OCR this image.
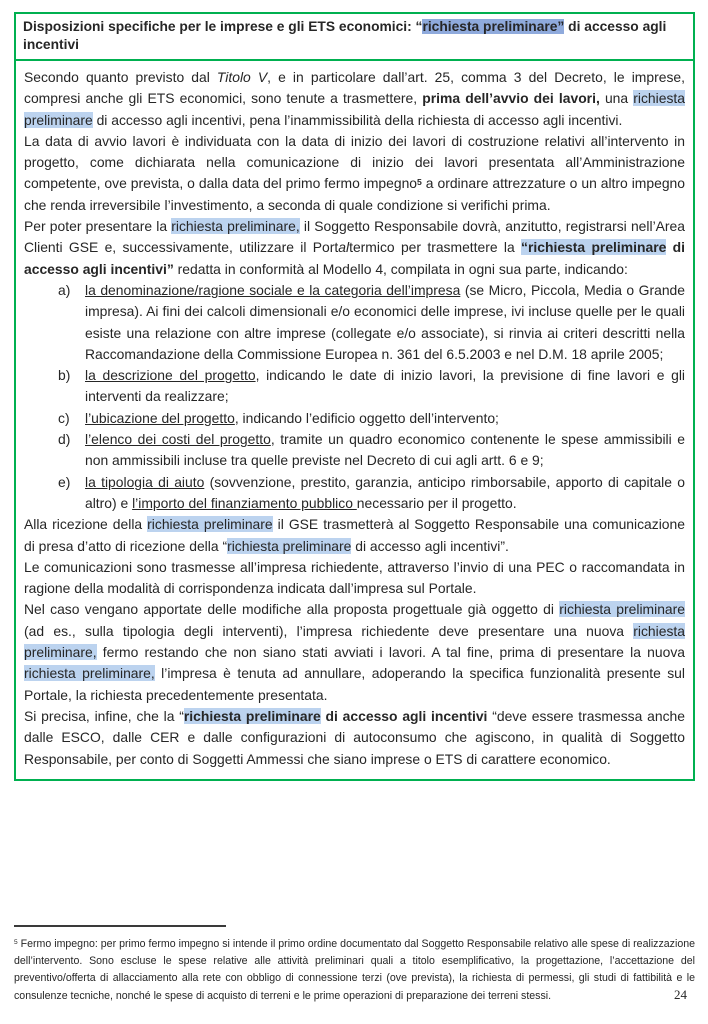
Disposizioni specifiche per le imprese e gli ETS economici: “richiesta preliminare” di accesso agli incentivi

Secondo quanto previsto dal Titolo V, e in particolare dall’art. 25, comma 3 del Decreto, le imprese, compresi anche gli ETS economici, sono tenute a trasmettere, prima dell’avvio dei lavori, una richiesta preliminare di accesso agli incentivi, pena l’inammissibilità della richiesta di accesso agli incentivi.

La data di avvio lavori è individuata con la data di inizio dei lavori di costruzione relativi all’intervento in progetto, come dichiarata nella comunicazione di inizio dei lavori presentata all’Amministrazione competente, ove prevista, o dalla data del primo fermo impegno$^5$ a ordinare attrezzature o un altro impegno che renda irreversibile l’investimento, a seconda di quale condizione si verifichi prima.

Per poter presentare la richiesta preliminare, il Soggetto Responsabile dovrà, anzitutto, registrarsi nell’Area Clienti GSE e, successivamente, utilizzare il Portaltermico per trasmettere la “richiesta preliminare di accesso agli incentivi” redatta in conformità al Modello 4, compilata in ogni sua parte, indicando:

a)	la denominazione/ragione sociale e la categoria dell’impresa (se Micro, Piccola, Media o Grande impresa). Ai fini dei calcoli dimensionali e/o economici delle imprese, ivi incluse quelle per le quali esiste una relazione con altre imprese (collegate e/o associate), si rinvia ai criteri descritti nella Raccomandazione della Commissione Europea n. 361 del 6.5.2003 e nel D.M. 18 aprile 2005;
b)	la descrizione del progetto, indicando le date di inizio lavori, la previsione di fine lavori e gli interventi da realizzare;
c)	l’ubicazione del progetto, indicando l’edificio oggetto dell’intervento;
d)	l’elenco dei costi del progetto, tramite un quadro economico contenente le spese ammissibili e non ammissibili incluse tra quelle previste nel Decreto di cui agli artt. 6 e 9;
e)	la tipologia di aiuto (sovvenzione, prestito, garanzia, anticipo rimborsabile, apporto di capitale o altro) e l’importo del finanziamento pubblico necessario per il progetto.

Alla ricezione della richiesta preliminare il GSE trasmetterà al Soggetto Responsabile una comunicazione di presa d’atto di ricezione della “richiesta preliminare di accesso agli incentivi”.

Le comunicazioni sono trasmesse all’impresa richiedente, attraverso l’invio di una PEC o raccomandata in ragione della modalità di corrispondenza indicata dall’impresa sul Portale.

Nel caso vengano apportate delle modifiche alla proposta progettuale già oggetto di richiesta preliminare (ad es., sulla tipologia degli interventi), l’impresa richiedente deve presentare una nuova richiesta preliminare, fermo restando che non siano stati avviati i lavori. A tal fine, prima di presentare la nuova richiesta preliminare, l’impresa è tenuta ad annullare, adoperando la specifica funzionalità presente sul Portale, la richiesta precedentemente presentata.

Si precisa, infine, che la “richiesta preliminare di accesso agli incentivi “deve essere trasmessa anche dalle ESCO, dalle CER e dalle configurazioni di autoconsumo che agiscono, in qualità di Soggetto Responsabile, per conto di Soggetti Ammessi che siano imprese o ETS di carattere economico.

$^5$ Fermo impegno: per primo fermo impegno si intende il primo ordine documentato dal Soggetto Responsabile relativo alle spese di realizzazione dell’intervento. Sono escluse le spese relative alle attività preliminari quali a titolo esemplificativo, la progettazione, l’accettazione del preventivo/offerta di allacciamento alla rete con obbligo di connessione terzi (ove prevista), la richiesta di permessi, gli studi di fattibilità e le consulenze tecniche, nonché le spese di acquisto di terreni e le prime operazioni di preparazione dei terreni stessi.	24
